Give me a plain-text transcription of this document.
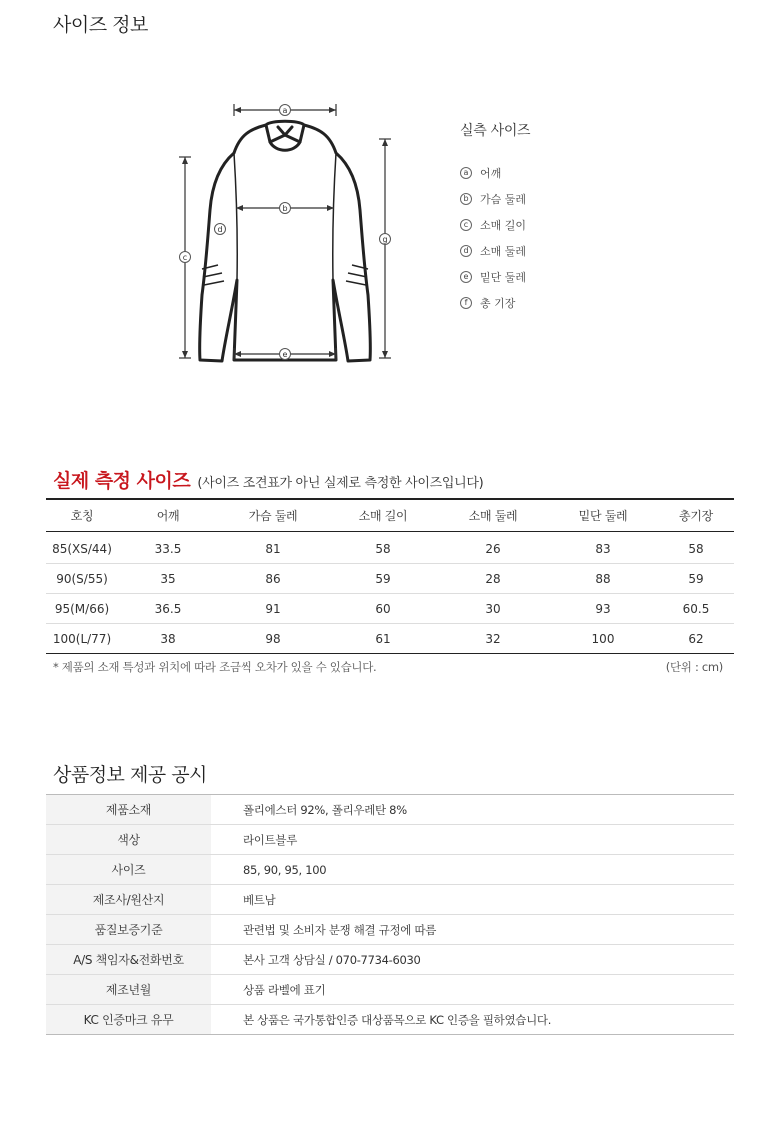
사이즈 정보
a
b
c
d
e
g
실측 사이즈
a	어깨
b	가슴 둘레
c	소매 길이
d	소매 둘레
e	밑단 둘레
f	총 기장
실제 측정 사이즈 (사이즈 조견표가 아닌 실제로 측정한 사이즈입니다)
호칭	어깨	가슴 둘레	소매 길이	소매 둘레	밑단 둘레	총기장
85(XS/44)	33.5	81	58	26	83	58
90(S/55)	35	86	59	28	88	59
95(M/66)	36.5	91	60	30	93	60.5
100(L/77)	38	98	61	32	100	62
* 제품의 소재 특성과 위치에 따라 조금씩 오차가 있을 수 있습니다.	(단위 : cm)
상품정보 제공 공시
제품소재	폴리에스터 92%, 폴리우레탄 8%
색상	라이트블루
사이즈	85, 90, 95, 100
제조사/원산지	베트남
품질보증기준	관련법 및 소비자 분쟁 해결 규정에 따름
A/S 책임자&전화번호	본사 고객 상담실 / 070-7734-6030
제조년월	상품 라벨에 표기
KC 인증마크 유무	본 상품은 국가통합인증 대상품목으로 KC 인증을 필하였습니다.
